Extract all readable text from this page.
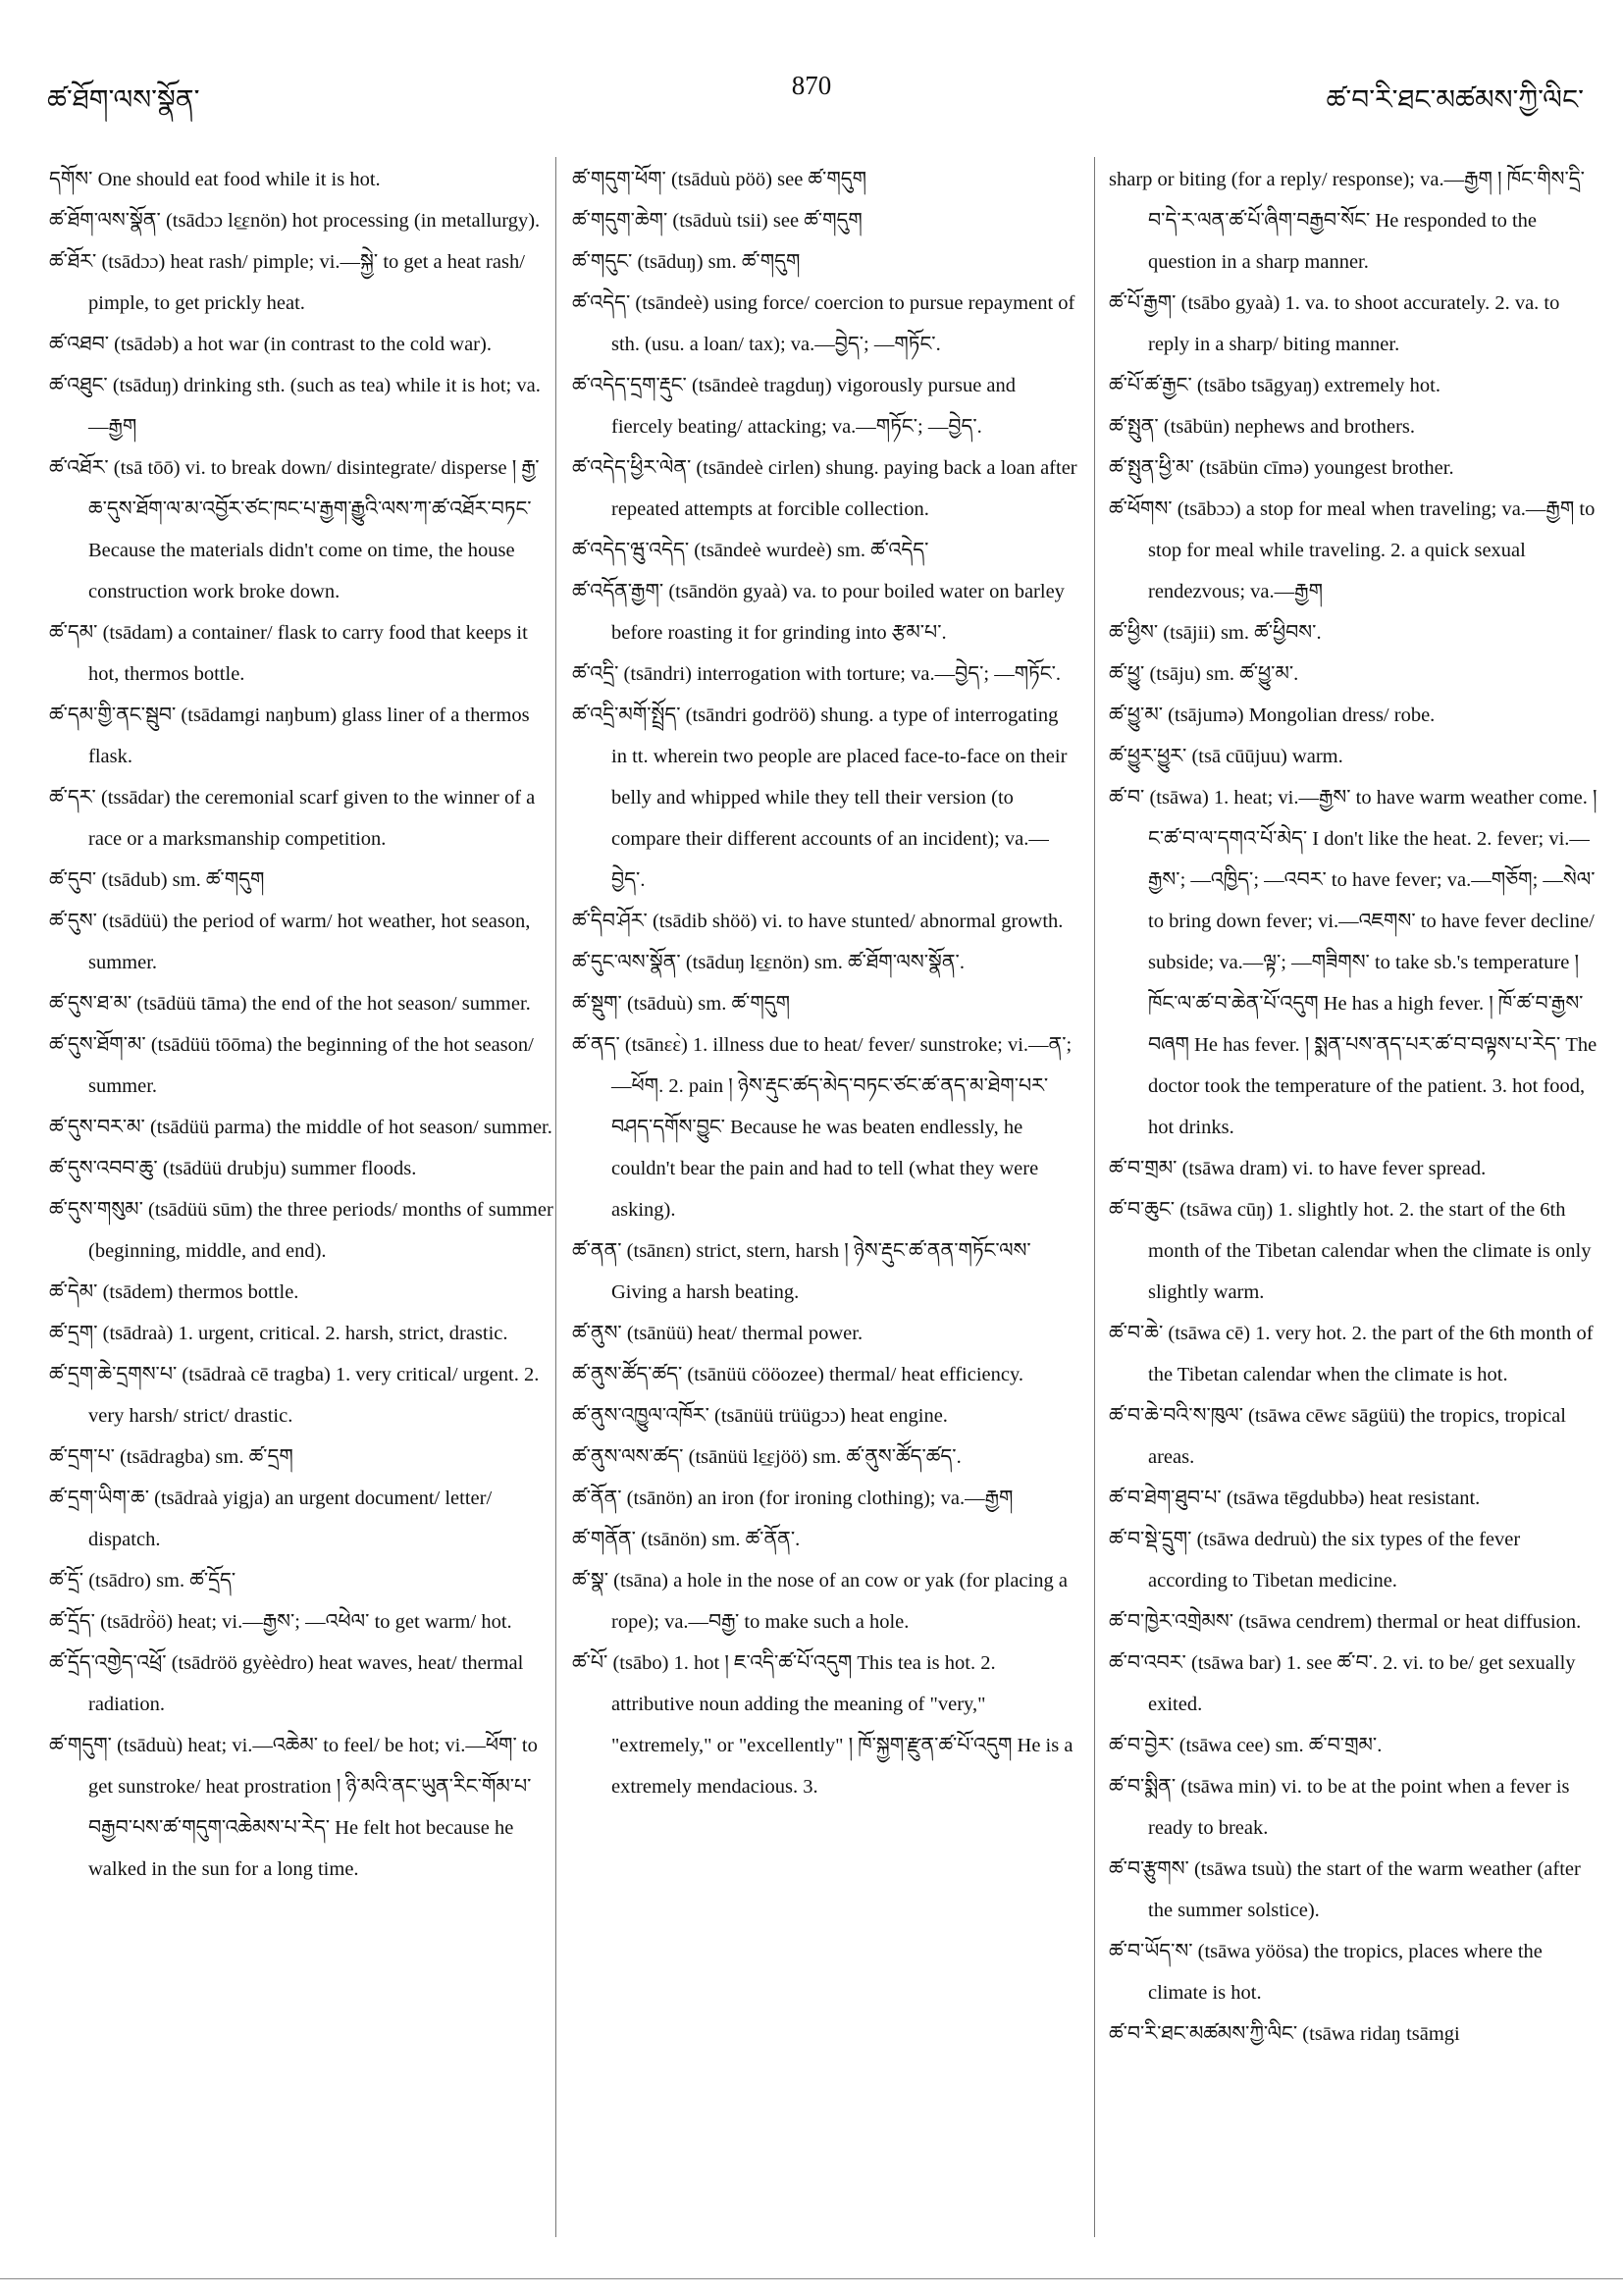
ཚ་ཐོག་ལས་སྣོན་	870	ཚ་བ་རི་ཐང་མཚམས་ཀྱི་ལིང་

དགོས་ One should eat food while it is hot.

ཚ་ཐོག་ལས་སྣོན་ (tsādɔɔ lɛ̲ɛnön) hot processing (in metallurgy).

ཚ་ཐོར་ (tsādɔɔ) heat rash/ pimple; vi.—སྐྱེ་ to get a heat rash/ pimple, to get prickly heat.

ཚ་འཐབ་ (tsādəb) a hot war (in contrast to the cold war).

ཚ་འཐུང་ (tsāduŋ) drinking sth. (such as tea) while it is hot; va.—རྒྱག

ཚ་འཐོར་ (tsā tōō) vi. to break down/ disintegrate/ disperse ། རྒྱ་ཆ་དུས་ཐོག་ལ་མ་འབྱོར་ཙང་ཁང་པ་རྒྱག་རྒྱུའི་ལས་ཀ་ཚ་འཐོར་བཏང་ Because the materials didn't come on time, the house construction work broke down.

ཚ་དམ་ (tsādam) a container/ flask to carry food that keeps it hot, thermos bottle.

ཚ་དམ་གྱི་ནང་སྦུབ་ (tsādamgi naŋbum) glass liner of a thermos flask.

ཚ་དར་ (tssādar) the ceremonial scarf given to the winner of a race or a marksmanship competition.

ཚ་དུབ་ (tsādub) sm. ཚ་གདུག

ཚ་དུས་ (tsādüü) the period of warm/ hot weather, hot season, summer.

ཚ་དུས་ཐ་མ་ (tsādüü tāma) the end of the hot season/ summer.

ཚ་དུས་ཐོག་མ་ (tsādüü tōōma) the beginning of the hot season/ summer.

ཚ་དུས་བར་མ་ (tsādüü parma) the middle of hot season/ summer.

ཚ་དུས་འབབ་ཆུ་ (tsādüü drubju) summer floods.

ཚ་དུས་གསུམ་ (tsādüü sūm) the three periods/ months of summer (beginning, middle, and end).

ཚ་དེམ་ (tsādem) thermos bottle.

ཚ་དྲག་ (tsādraà) 1. urgent, critical. 2. harsh, strict, drastic.

ཚ་དྲག་ཆེ་དྲགས་པ་ (tsādraà cē tragba) 1. very critical/ urgent. 2. very harsh/ strict/ drastic.

ཚ་དྲག་པ་ (tsādragba) sm. ཚ་དྲག

ཚ་དྲག་ཡིག་ཆ་ (tsādraà yigja) an urgent document/ letter/ dispatch.

ཚ་དྲོ་ (tsādro) sm. ཚ་དྲོད་

ཚ་དྲོད་ (tsādrö̀ö) heat; vi.—རྒྱས་; —འཕེལ་ to get warm/ hot.

ཚ་དྲོད་འགྱེད་འཕྲོ་ (tsādröö gyèèdro) heat waves, heat/ thermal radiation.

ཚ་གདུག་ (tsāduù) heat; vi.—འཆེམ་ to feel/ be hot; vi.—ཕོག་ to get sunstroke/ heat prostration ། ཉི་མའི་ནང་ཡུན་རིང་གོམ་པ་བརྒྱབ་པས་ཚ་གདུག་འཆེམས་པ་རེད་ He felt hot because he walked in the sun for a long time.

ཚ་གདུག་ཕོག་ (tsāduù pöö) see ཚ་གདུག

ཚ་གདུག་ཆེག་ (tsāduù tsii) see ཚ་གདུག

ཚ་གདུང་ (tsāduŋ) sm. ཚ་གདུག

ཚ་འདེད་ (tsāndeè) using force/ coercion to pursue repayment of sth. (usu. a loan/ tax); va.—བྱེད་; —གཏོང་.

ཚ་འདེད་དྲག་རྡུང་ (tsāndeè tragduŋ) vigorously pursue and fiercely beating/ attacking; va.—གཏོང་; —བྱེད་.

ཚ་འདེད་ཕྱིར་ལེན་ (tsāndeè cirlen) shung. paying back a loan after repeated attempts at forcible collection.

ཚ་འདེད་ཝུ་འདེད་ (tsāndeè wurdeè) sm. ཚ་འདེད་

ཚ་འདོན་རྒྱག་ (tsāndön gyaà) va. to pour boiled water on barley before roasting it for grinding into རྩམ་པ་.

ཚ་འདྲི་ (tsāndri) interrogation with torture; va.—བྱེད་; —གཏོང་.

ཚ་འདྲི་མགོ་སྤྲོད་ (tsāndri godröö) shung. a type of interrogating in tt. wherein two people are placed face-to-face on their belly and whipped while they tell their version (to compare their different accounts of an incident); va.—བྱེད་.

ཚ་དིབ་ཤོར་ (tsādib shöö) vi. to have stunted/ abnormal growth.

ཚ་དུང་ལས་སྣོན་ (tsāduŋ lɛ̲ɛnön) sm. ཚ་ཐོག་ལས་སྣོན་.

ཚ་སྡུག་ (tsāduù) sm. ཚ་གདུག

ཚ་ནད་ (tsānɛɛ̀) 1. illness due to heat/ fever/ sunstroke; vi.—ན་; —ཕོག. 2. pain ། ཉེས་རྡུང་ཚད་མེད་བཏང་ཙང་ཚ་ནད་མ་ཐེག་པར་བཤད་དགོས་བྱུང་ Because he was beaten endlessly, he couldn't bear the pain and had to tell (what they were asking).

ཚ་ནན་ (tsānɛn) strict, stern, harsh ། ཉེས་རྡུང་ཚ་ནན་གཏོང་ལས་ Giving a harsh beating.

ཚ་ནུས་ (tsānüü) heat/ thermal power.

ཚ་ནུས་ཚོད་ཚད་ (tsānüü cööozee) thermal/ heat efficiency.

ཚ་ནུས་འཁྱུལ་འཁོར་ (tsānüü trüügɔɔ) heat engine.

ཚ་ནུས་ལས་ཚད་ (tsānüü lɛ̲ɛjöö) sm. ཚ་ནུས་ཚོད་ཚད་.

ཚ་ནོན་ (tsānön) an iron (for ironing clothing); va.—རྒྱག

ཚ་གནོན་ (tsānön) sm. ཚ་ནོན་.

ཚ་སྣ་ (tsāna) a hole in the nose of an cow or yak (for placing a rope); va.—བརྒྱ་ to make such a hole.

ཚ་པོ་ (tsābo) 1. hot ། ཇ་འདི་ཚ་པོ་འདུག This tea is hot. 2. attributive noun adding the meaning of "very," "extremely," or "excellently" ། ཁོ་སྐྱག་རྫུན་ཚ་པོ་འདུག He is a extremely mendacious. 3.

sharp or biting (for a reply/ response); va.—རྒྱག ། ཁོང་གིས་དྲི་བ་དེ་ར་ལན་ཚ་པོ་ཞིག་བརྒྱབ་སོང་ He responded to the question in a sharp manner.

ཚ་པོ་རྒྱག་ (tsābo gyaà) 1. va. to shoot accurately. 2. va. to reply in a sharp/ biting manner.

ཚ་པོ་ཚ་རྒྱང་ (tsābo tsāgyaŋ) extremely hot.

ཚ་སྤུན་ (tsābün) nephews and brothers.

ཚ་སྤུན་ཕྱི་མ་ (tsābün cīmə) youngest brother.

ཚ་ཕོགས་ (tsābɔɔ) a stop for meal when traveling; va.—རྒྱག to stop for meal while traveling. 2. a quick sexual rendezvous; va.—རྒྱག

ཚ་ཕྱིས་ (tsājii) sm. ཚ་ཕྱིབས་.

ཚ་ཕྱུ་ (tsāju) sm. ཚ་ཕྱུ་མ་.

ཚ་ཕྱུ་མ་ (tsājumə) Mongolian dress/ robe.

ཚ་ཕྱུར་ཕྱུར་ (tsā cūūjuu) warm.

ཚ་བ་ (tsāwa) 1. heat; vi.—རྒྱས་ to have warm weather come. ། ང་ཚ་བ་ལ་དགའ་པོ་མེད་ I don't like the heat. 2. fever; vi.—རྒྱས་; —འཁྱིད་; —འབར་ to have fever; va.—གཅོག; —སེལ་ to bring down fever; vi.—འཇགས་ to have fever decline/ subside; va.—ལྟ་; —གཟིགས་ to take sb.'s temperature ། ཁོང་ལ་ཚ་བ་ཆེན་པོ་འདུག He has a high fever. ། ཁོ་ཚ་བ་རྒྱས་བཞག He has fever. ། སྨན་པས་ནད་པར་ཚ་བ་བལྟས་པ་རེད་ The doctor took the temperature of the patient. 3. hot food, hot drinks.

ཚ་བ་གྲམ་ (tsāwa dram) vi. to have fever spread.

ཚ་བ་ཆུང་ (tsāwa cūŋ) 1. slightly hot. 2. the start of the 6th month of the Tibetan calendar when the climate is only slightly warm.

ཚ་བ་ཆེ་ (tsāwa cē) 1. very hot. 2. the part of the 6th month of the Tibetan calendar when the climate is hot.

ཚ་བ་ཆེ་བའི་ས་ཁུལ་ (tsāwa cēwɛ sāgüü) the tropics, tropical areas.

ཚ་བ་ཐེག་ཐུབ་པ་ (tsāwa tēgdubbə) heat resistant.

ཚ་བ་སྡེ་དྲུག་ (tsāwa dedruù) the six types of the fever according to Tibetan medicine.

ཚ་བ་ཁྱེར་འགྲེམས་ (tsāwa cendrem) thermal or heat diffusion.

ཚ་བ་འབར་ (tsāwa bar) 1. see ཚ་བ་. 2. vi. to be/ get sexually exited.

ཚ་བ་བྱེར་ (tsāwa cee) sm. ཚ་བ་གྲམ་.

ཚ་བ་སྨིན་ (tsāwa min) vi. to be at the point when a fever is ready to break.

ཚ་བ་རྩུགས་ (tsāwa tsuù) the start of the warm weather (after the summer solstice).

ཚ་བ་ཡོད་ས་ (tsāwa yöösa) the tropics, places where the climate is hot.

ཚ་བ་རི་ཐང་མཚམས་ཀྱི་ལིང་ (tsāwa ridaŋ tsāmgi
